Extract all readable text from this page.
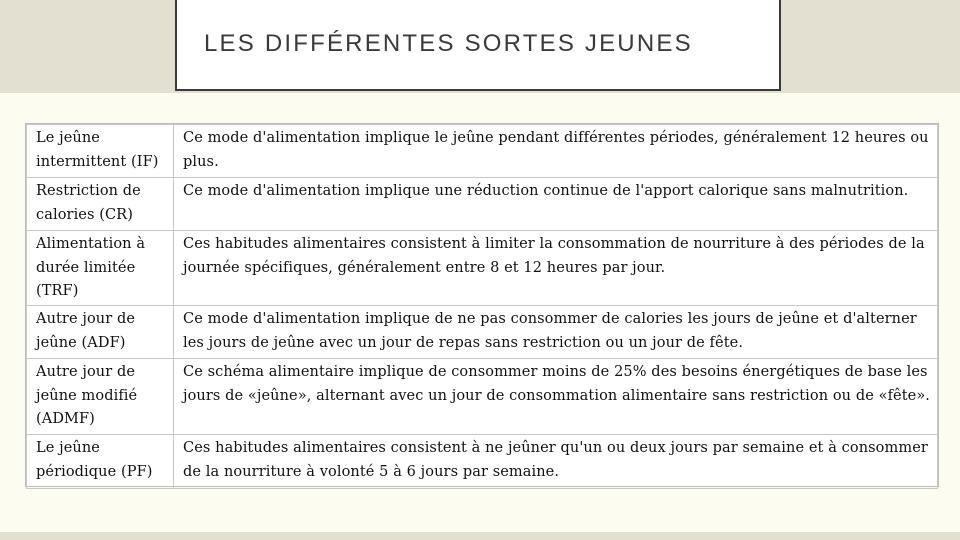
LES DIFFÉRENTES SORTES JEUNES
Le jeûne intermittent (IF)	Ce mode d'alimentation implique le jeûne pendant différentes périodes, généralement 12 heures ou plus.
Restriction de calories (CR)	Ce mode d'alimentation implique une réduction continue de l'apport calorique sans malnutrition.
Alimentation à durée limitée (TRF)	Ces habitudes alimentaires consistent à limiter la consommation de nourriture à des périodes de la journée spécifiques, généralement entre 8 et 12 heures par jour.
Autre jour de jeûne (ADF)	Ce mode d'alimentation implique de ne pas consommer de calories les jours de jeûne et d'alterner les jours de jeûne avec un jour de repas sans restriction ou un jour de fête.
Autre jour de jeûne modifié (ADMF)	Ce schéma alimentaire implique de consommer moins de 25% des besoins énergétiques de base les jours de «jeûne», alternant avec un jour de consommation alimentaire sans restriction ou de «fête».
Le jeûne périodique (PF)	Ces habitudes alimentaires consistent à ne jeûner qu'un ou deux jours par semaine et à consommer de la nourriture à volonté 5 à 6 jours par semaine.
